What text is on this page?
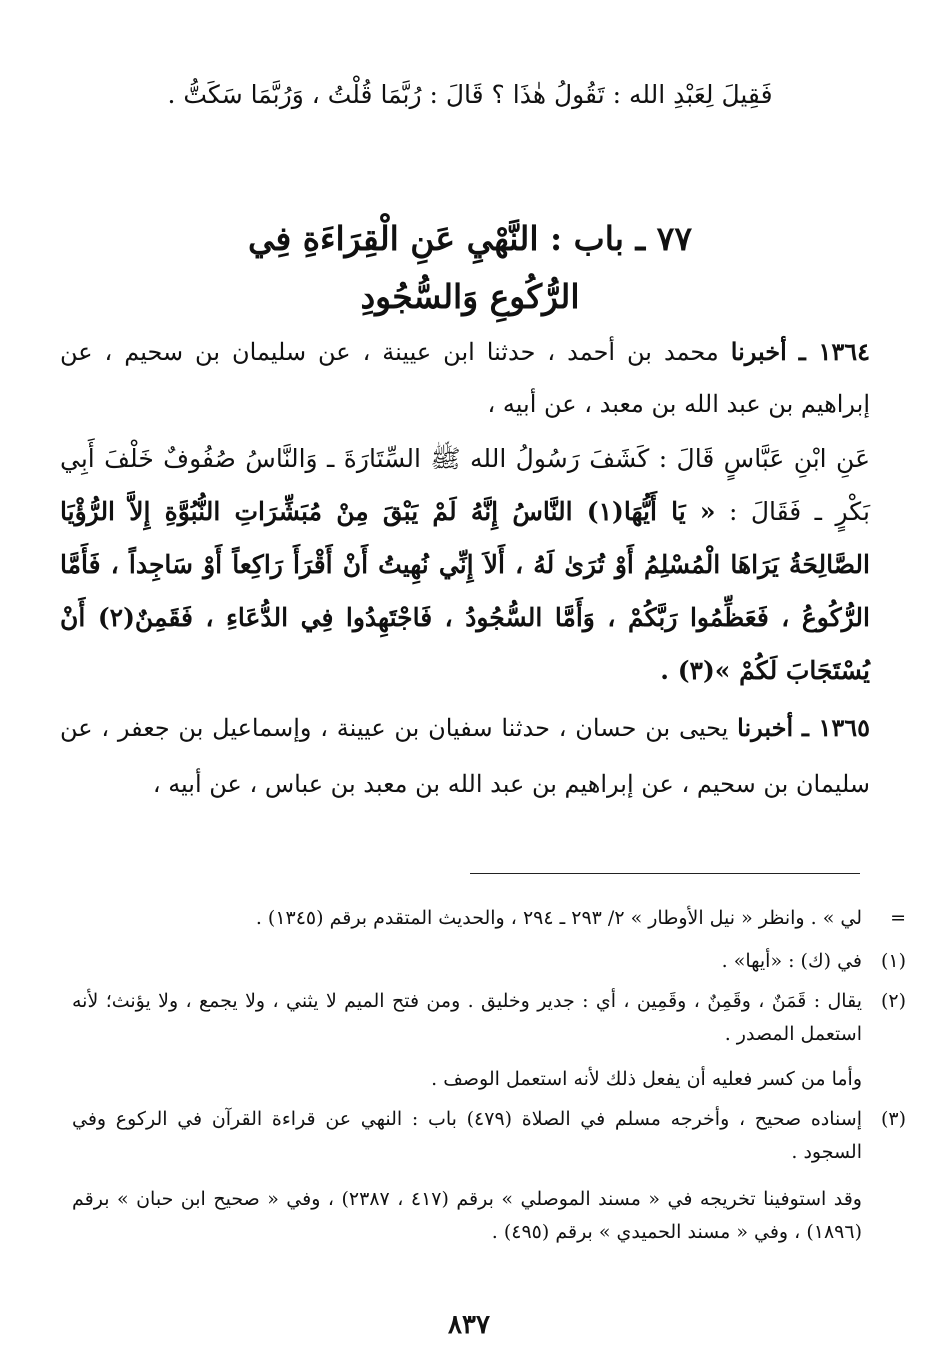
فَقِيلَ لِعَبْدِ الله : تَقُولُ هٰذَا ؟ قَالَ : رُبَّمَا قُلْتُ ، وَرُبَّمَا سَكَتُّ .

٧٧ ـ باب : النَّهْيِ عَنِ الْقِرَاءَةِ فِي
الرُّكُوعِ وَالسُّجُودِ
١٣٦٤ ـ أخبرنا محمد بن أحمد ، حدثنا ابن عيينة ، عن سليمان بن سحيم ، عن إبراهيم بن عبد الله بن معبد ، عن أبيه ،
عَنِ ابْنِ عَبَّاسٍ قَالَ : كَشَفَ رَسُولُ الله ﷺ السِّتَارَةَ ـ وَالنَّاسُ صُفُوفٌ خَلْفَ أَبِي بَكْرٍ ـ فَقَالَ : « يَا أَيُّهَا(١) النَّاسُ إِنَّهُ لَمْ يَبْقَ مِنْ مُبَشِّرَاتِ النُّبُوَّةِ إِلاَّ الرُّؤْيَا الصَّالِحَةُ يَرَاهَا الْمُسْلِمُ أَوْ تُرَىٰ لَهُ ، أَلاَ إِنِّي نُهِيتُ أَنْ أَقْرَأَ رَاكِعاً أَوْ سَاجِداً ، فَأَمَّا الرُّكُوعُ ، فَعَظِّمُوا رَبَّكُمْ ، وَأَمَّا السُّجُودُ ، فَاجْتَهِدُوا فِي الدُّعَاءِ ، فَقَمِنٌ(٢) أَنْ يُسْتَجَابَ لَكُمْ »(٣) .
١٣٦٥ ـ أخبرنا يحيى بن حسان ، حدثنا سفيان بن عيينة ، وإسماعيل بن جعفر ، عن سليمان بن سحيم ، عن إبراهيم بن عبد الله بن معبد بن عباس ، عن أبيه ،
=
لي » . وانظر « نيل الأوطار » ٢/ ٢٩٣ ـ ٢٩٤ ، والحديث المتقدم برقم (١٣٤٥) .
(١)
في (ك) : «أيها» .
(٢)
يقال : قَمَنٌ ، وقَمِنٌ ، وقَمِين ، أي : جدير وخليق . ومن فتح الميم لا يثني ، ولا يجمع ، ولا يؤنث؛ لأنه استعمل المصدر .
وأما من كسر فعليه أن يفعل ذلك لأنه استعمل الوصف .
(٣)
إسناده صحيح ، وأخرجه مسلم في الصلاة (٤٧٩) باب : النهي عن قراءة القرآن في الركوع وفي السجود .
وقد استوفينا تخريجه في « مسند الموصلي » برقم (٤١٧ ، ٢٣٨٧) ، وفي « صحيح ابن حبان » برقم (١٨٩٦) ، وفي « مسند الحميدي » برقم (٤٩٥) .
٨٣٧
